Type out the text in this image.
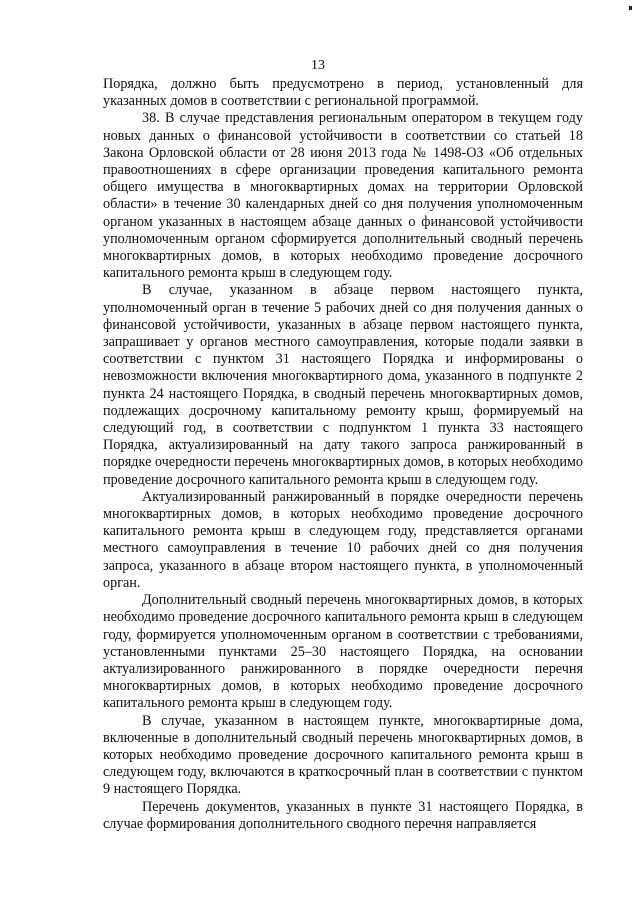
13

Порядка, должно быть предусмотрено в период, установленный для указанных домов в соответствии с региональной программой.

38. В случае представления региональным оператором в текущем году новых данных о финансовой устойчивости в соответствии со статьей 18 Закона Орловской области от 28 июня 2013 года № 1498-ОЗ «Об отдельных правоотношениях в сфере организации проведения капитального ремонта общего имущества в многоквартирных домах на территории Орловской области» в течение 30 календарных дней со дня получения уполномоченным органом указанных в настоящем абзаце данных о финансовой устойчивости уполномоченным органом сформируется дополнительный сводный перечень многоквартирных домов, в которых необходимо проведение досрочного капитального ремонта крыш в следующем году.

В случае, указанном в абзаце первом настоящего пункта, уполномоченный орган в течение 5 рабочих дней со дня получения данных о финансовой устойчивости, указанных в абзаце первом настоящего пункта, запрашивает у органов местного самоуправления, которые подали заявки в соответствии с пунктом 31 настоящего Порядка и информированы о невозможности включения многоквартирного дома, указанного в подпункте 2 пункта 24 настоящего Порядка, в сводный перечень многоквартирных домов, подлежащих досрочному капитальному ремонту крыш, формируемый на следующий год, в соответствии с подпунктом 1 пункта 33 настоящего Порядка, актуализированный на дату такого запроса ранжированный в порядке очередности перечень многоквартирных домов, в которых необходимо проведение досрочного капитального ремонта крыш в следующем году.

Актуализированный ранжированный в порядке очередности перечень многоквартирных домов, в которых необходимо проведение досрочного капитального ремонта крыш в следующем году, представляется органами местного самоуправления в течение 10 рабочих дней со дня получения запроса, указанного в абзаце втором настоящего пункта, в уполномоченный орган.

Дополнительный сводный перечень многоквартирных домов, в которых необходимо проведение досрочного капитального ремонта крыш в следующем году, формируется уполномоченным органом в соответствии с требованиями, установленными пунктами 25–30 настоящего Порядка, на основании актуализированного ранжированного в порядке очередности перечня многоквартирных домов, в которых необходимо проведение досрочного капитального ремонта крыш в следующем году.

В случае, указанном в настоящем пункте, многоквартирные дома, включенные в дополнительный сводный перечень многоквартирных домов, в которых необходимо проведение досрочного капитального ремонта крыш в следующем году, включаются в краткосрочный план в соответствии с пунктом 9 настоящего Порядка.

Перечень документов, указанных в пункте 31 настоящего Порядка, в случае формирования дополнительного сводного перечня направляется
